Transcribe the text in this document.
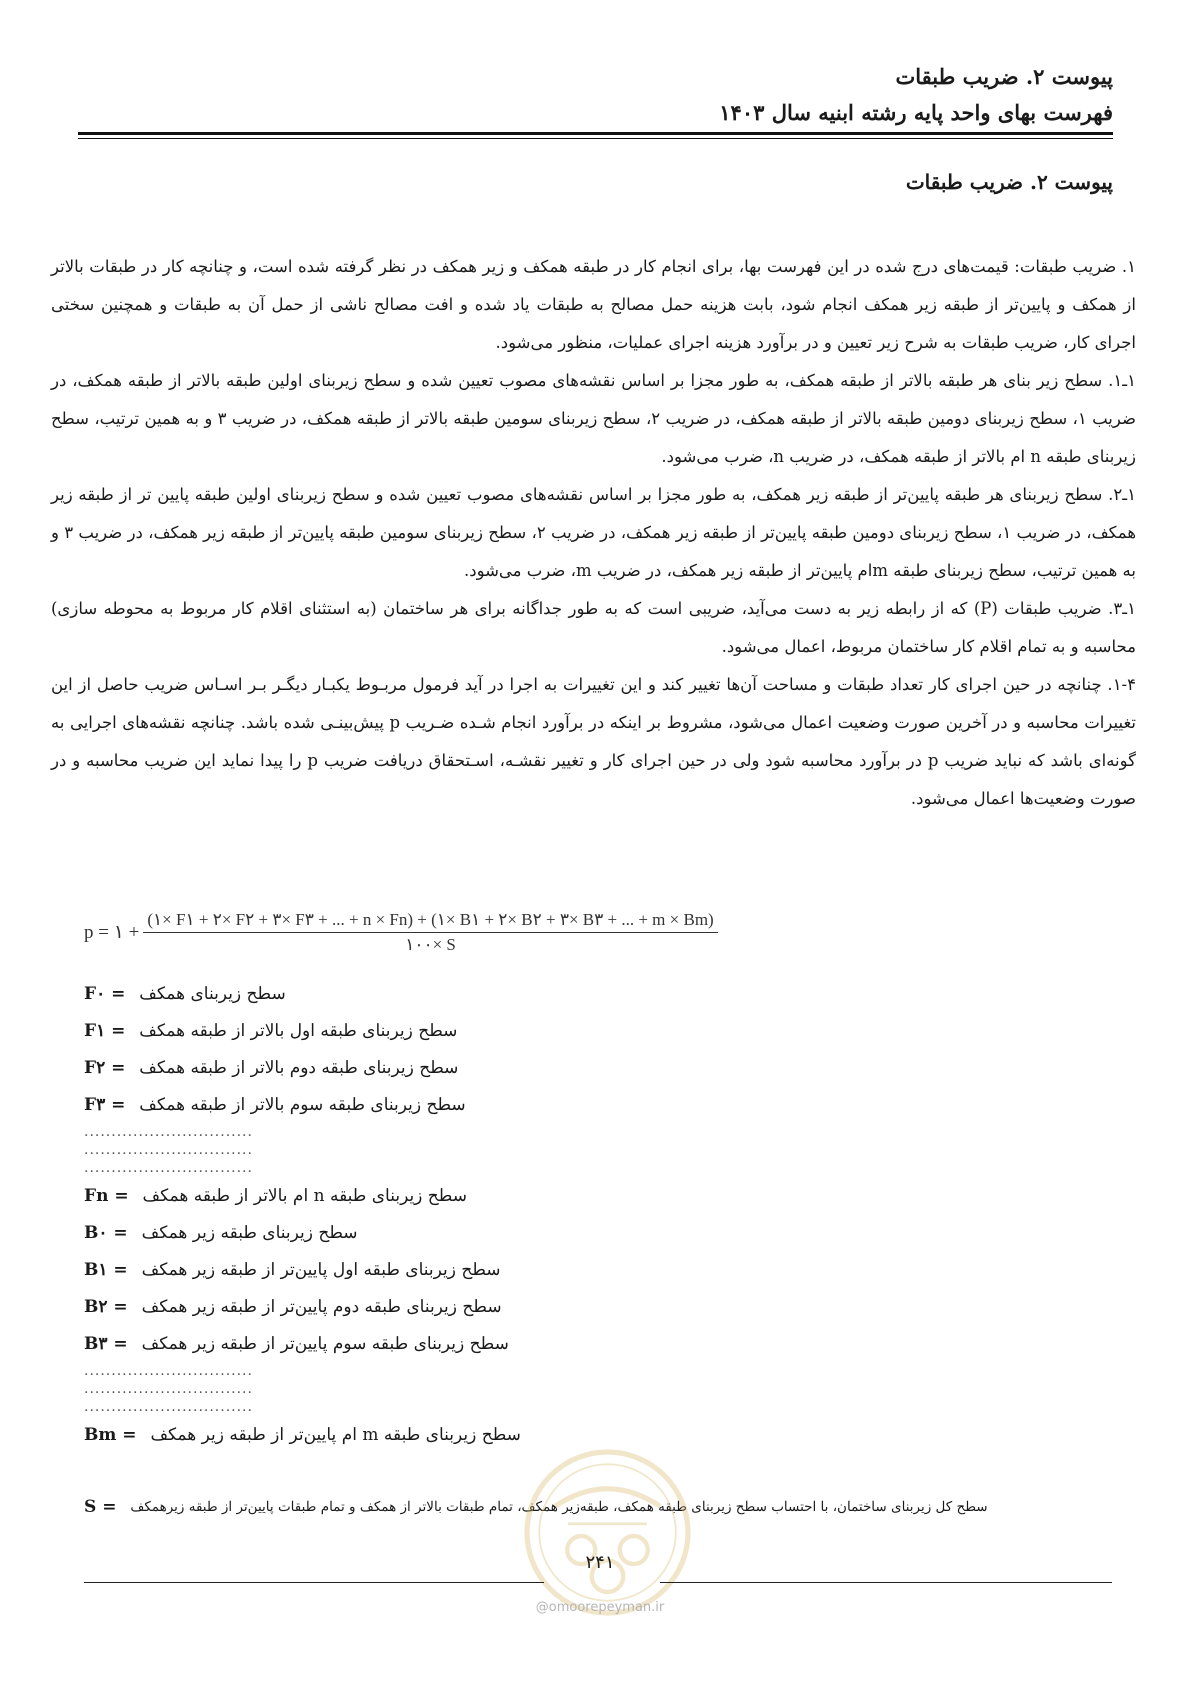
پیوست ۲. ضریب طبقات
فهرست بهای واحد پایه رشته ابنیه سال ۱۴۰۳
پیوست ۲. ضریب طبقات

۱. ضریب طبقات: قیمت‌های درج شده در این فهرست بها، برای انجام کار در طبقه همکف و زیر همکف در نظر گرفته شده است، و چنانچه کار در طبقات بالاتر از همکف و پایین‌تر از طبقه زیر همکف انجام شود، بابت هزینه حمل مصالح به طبقات یاد شده و افت مصالح ناشی از حمل آن به طبقات و همچنین سختی اجرای کار، ضریب طبقات به شرح زیر تعیین و در برآورد هزینه اجرای عملیات، منظور می‌شود.

۱ـ۱. سطح زیر بنای هر طبقه بالاتر از طبقه همکف، به طور مجزا بر اساس نقشه‌های مصوب تعیین شده و سطح زیربنای اولین طبقه بالاتر از طبقه همکف، در ضریب ۱، سطح زیربنای دومین طبقه بالاتر از طبقه همکف، در ضریب ۲، سطح زیربنای سومین طبقه بالاتر از طبقه همکف، در ضریب ۳ و به همین ترتیب، سطح زیربنای طبقه n ام بالاتر از طبقه همکف، در ضریب n، ضرب می‌شود.

۱ـ۲. سطح زیربنای هر طبقه پایین‌تر از طبقه زیر همکف، به طور مجزا بر اساس نقشه‌های مصوب تعیین شده و سطح زیربنای اولین طبقه پایین تر از طبقه زیر همکف، در ضریب ۱، سطح زیربنای دومین طبقه پایین‌تر از طبقه زیر همکف، در ضریب ۲، سطح زیربنای سومین طبقه پایین‌تر از طبقه زیر همکف، در ضریب ۳ و به همین ترتیب، سطح زیربنای طبقه mام پایین‌تر از طبقه زیر همکف، در ضریب m، ضرب می‌شود.

۱ـ۳. ضریب طبقات (P) که از رابطه زیر به دست می‌آید، ضریبی است که به طور جداگانه برای هر ساختمان (به استثنای اقلام کار مربوط به محوطه سازی) محاسبه و به تمام اقلام کار ساختمان مربوط، اعمال می‌شود.

۱-۴. چنانچه در حین اجرای کار تعداد طبقات و مساحت آن‌ها تغییر کند و این تغییرات به اجرا در آید فرمول مربـوط یکبـار دیگـر بـر اسـاس ضریب حاصل از این تغییرات محاسبه و در آخرین صورت وضعیت اعمال می‌شود، مشروط بر اینکه در برآورد انجام شـده ضـریب p پیش‌بینـی شده باشد. چنانچه نقشه‌های اجرایی به گونه‌ای باشد که نباید ضریب p در برآورد محاسبه شود ولی در حین اجرای کار و تغییر نقشـه، اسـتحقاق دریافت ضریب p را پیدا نماید این ضریب محاسبه و در صورت وضعیت‌ها اعمال می‌شود.

p = ۱ +
(۱× F۱ + ۲× F۲ + ۳× F۳ + ... + n × Fn) + (۱× B۱ + ۲× B۲ + ۳× B۳ + ... + m × Bm)
۱۰۰× S
F۰ = سطح زیربنای همکف
F۱ = سطح زیربنای طبقه اول بالاتر از طبقه همکف
F۲ = سطح زیربنای طبقه دوم بالاتر از طبقه همکف
F۳ = سطح زیربنای طبقه سوم بالاتر از طبقه همکف
...............................
...............................
...............................
Fn = سطح زیربنای طبقه n ام بالاتر از طبقه همکف
B۰ = سطح زیربنای طبقه زیر همکف
B۱ = سطح زیربنای طبقه اول پایین‌تر از طبقه زیر همکف
B۲ = سطح زیربنای طبقه دوم پایین‌تر از طبقه زیر همکف
B۳ = سطح زیربنای طبقه سوم پایین‌تر از طبقه زیر همکف
...............................
...............................
...............................
Bm = سطح زیربنای طبقه m ام پایین‌تر از طبقه زیر همکف
S = سطح کل زیربنای ساختمان، با احتساب سطح زیربنای طبقه همکف، طبقه‌زیر همکف، تمام طبقات بالاتر از همکف و تمام طبقات پایین‌تر از طبقه زیرهمکف
۲۴۱
@omoorepeyman.ir
